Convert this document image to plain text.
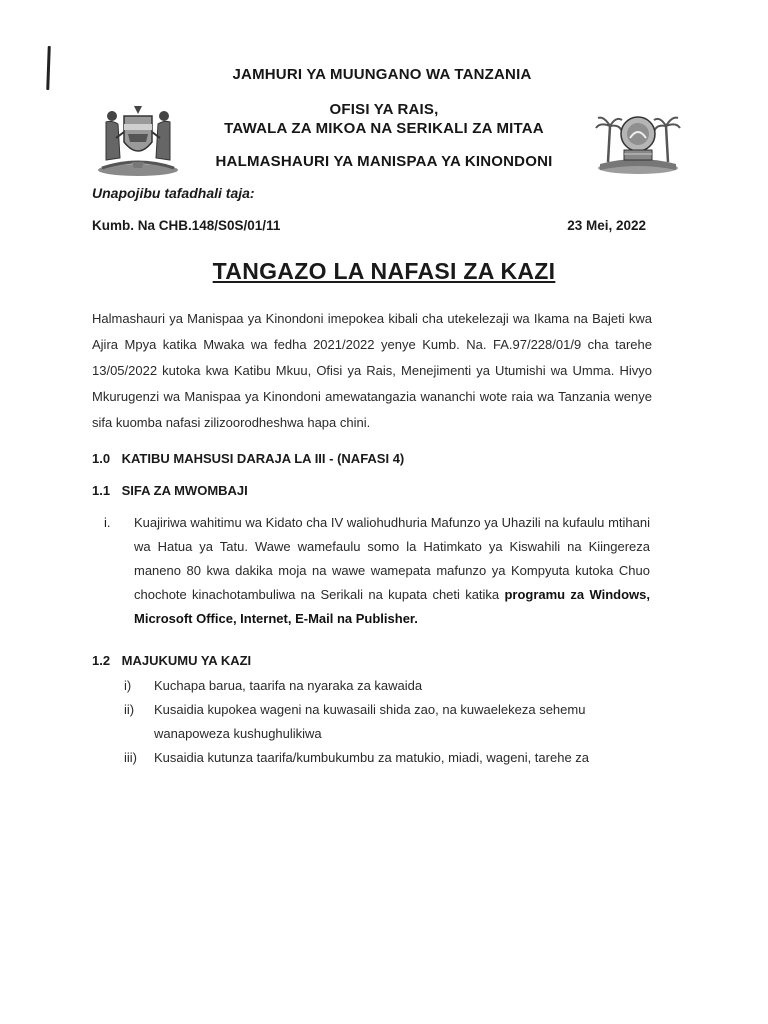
JAMHURI YA MUUNGANO WA TANZANIA
OFISI YA RAIS,
TAWALA ZA MIKOA NA SERIKALI ZA MITAA
HALMASHAURI YA MANISPAA YA KINONDONI
Unapojibu tafadhali taja:
Kumb. Na CHB.148/S0S/01/11	23 Mei, 2022
TANGAZO LA NAFASI ZA KAZI
Halmashauri ya Manispaa ya Kinondoni imepokea kibali cha utekelezaji wa Ikama na Bajeti kwa Ajira Mpya katika Mwaka wa fedha 2021/2022 yenye Kumb. Na. FA.97/228/01/9 cha tarehe 13/05/2022 kutoka kwa Katibu Mkuu, Ofisi ya Rais, Menejimenti ya Utumishi wa Umma. Hivyo Mkurugenzi wa Manispaa ya Kinondoni amewatangazia wananchi wote raia wa Tanzania wenye sifa kuomba nafasi zilizoorodheshwa hapa chini.
1.0 KATIBU MAHSUSI DARAJA LA III - (NAFASI 4)
1.1 SIFA ZA MWOMBAJI
i. Kuajiriwa wahitimu wa Kidato cha IV waliohudhuria Mafunzo ya Uhazili na kufaulu mtihani wa Hatua ya Tatu. Wawe wamefaulu somo la Hatimkato ya Kiswahili na Kiingereza maneno 80 kwa dakika moja na wawe wamepata mafunzo ya Kompyuta kutoka Chuo chochote kinachotambuliwa na Serikali na kupata cheti katika programu za Windows, Microsoft Office, Internet, E-Mail na Publisher.
1.2 MAJUKUMU YA KAZI
i) Kuchapa barua, taarifa na nyaraka za kawaida
ii) Kusaidia kupokea wageni na kuwasaili shida zao, na kuwaelekeza sehemu wanapoweza kushughulikiwa
iii) Kusaidia kutunza taarifa/kumbukumbu za matukio, miadi, wageni, tarehe za
